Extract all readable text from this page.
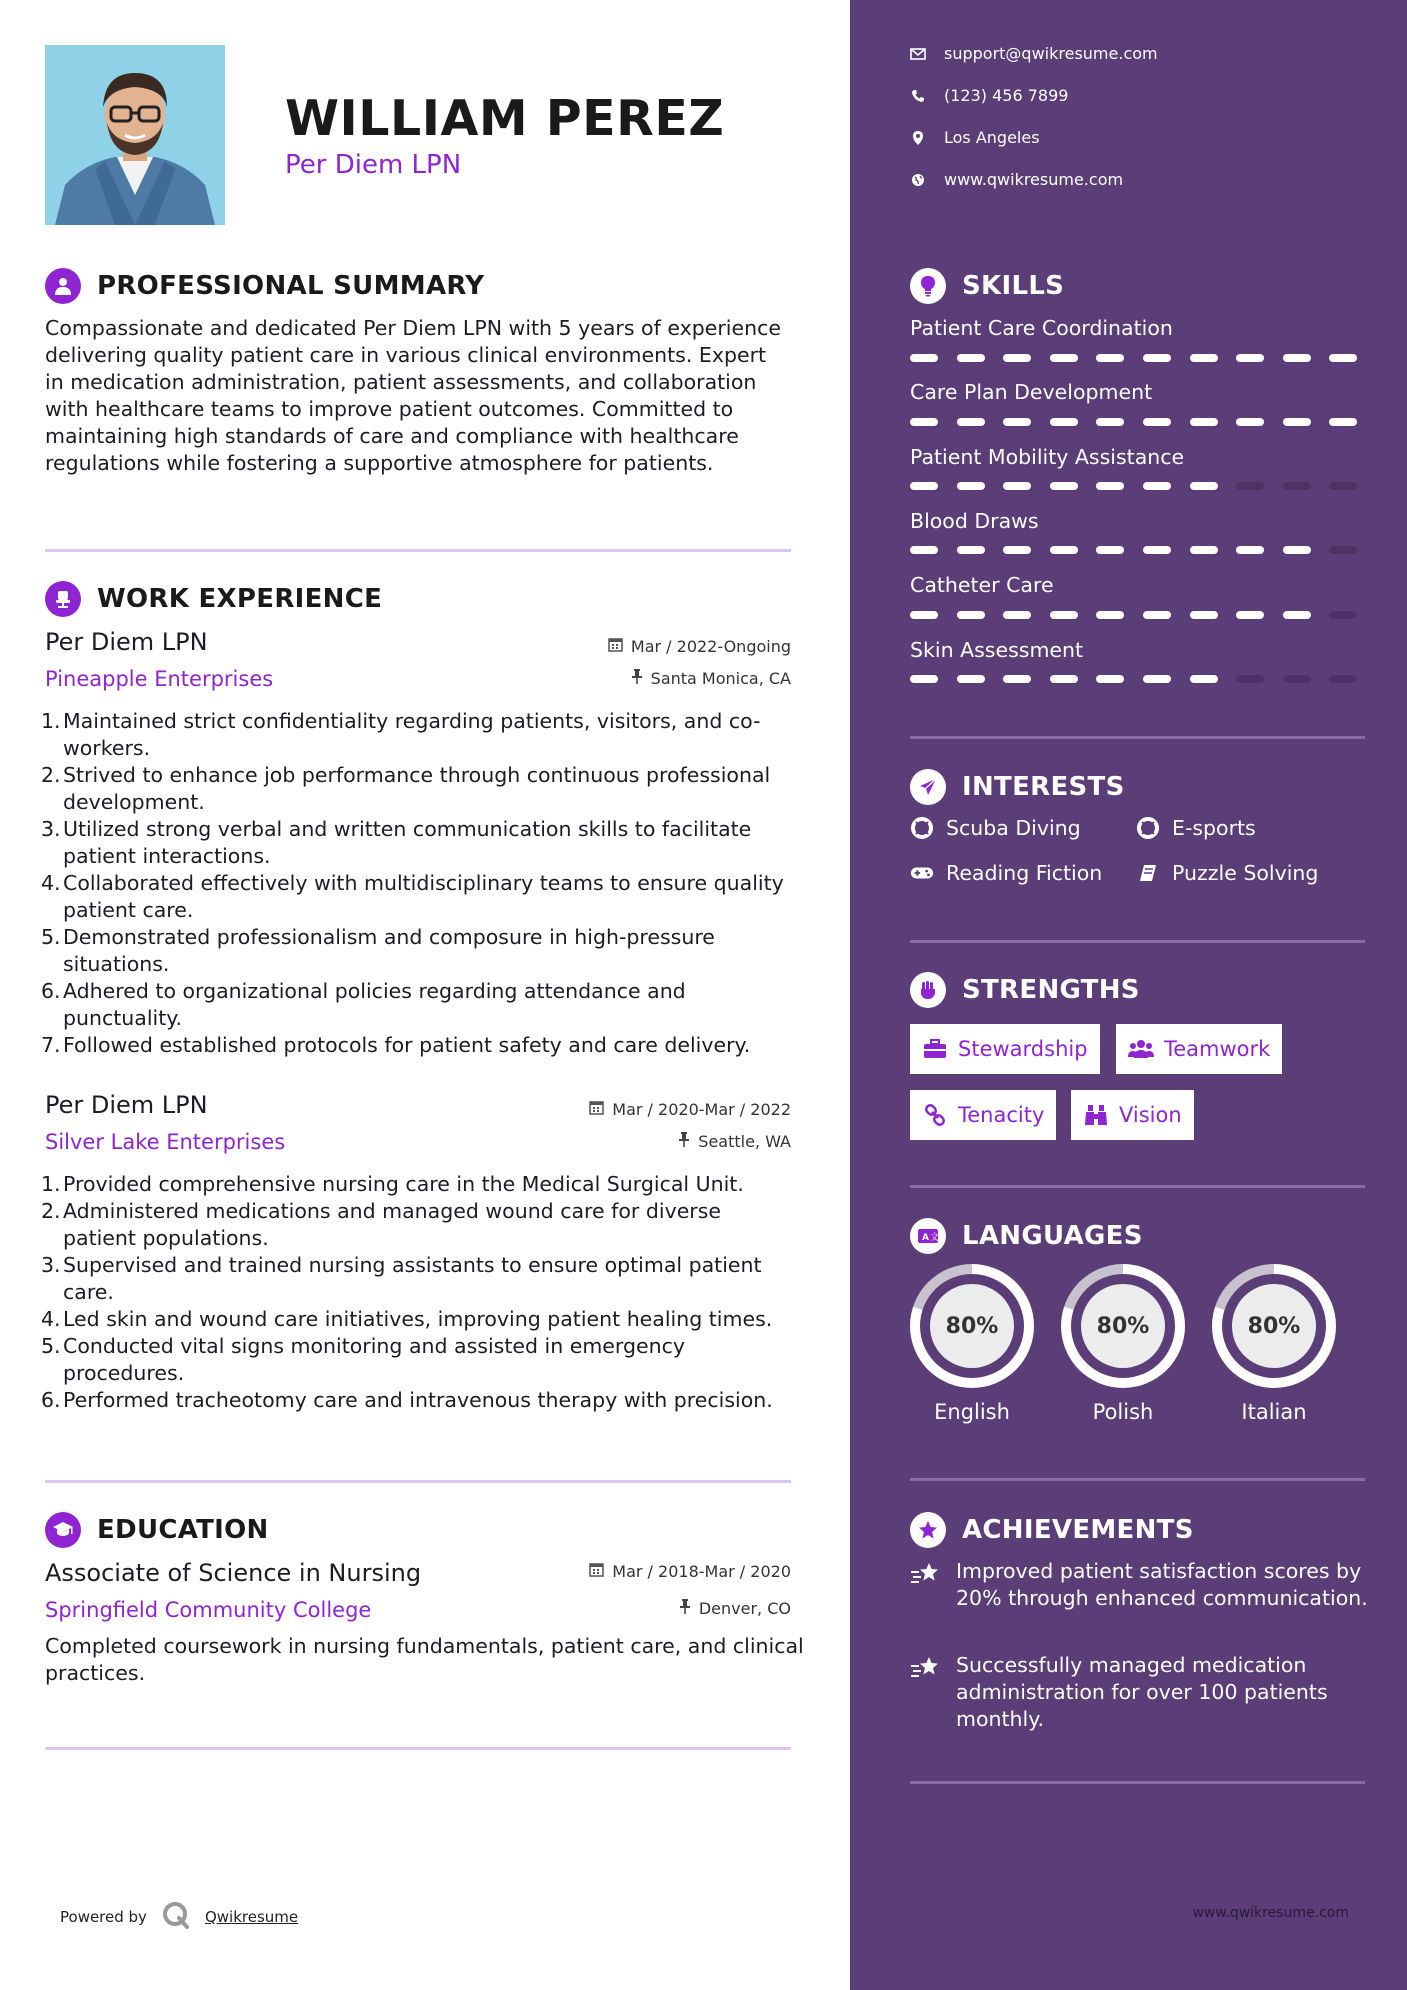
WILLIAM PEREZ
Per Diem LPN
PROFESSIONAL SUMMARY
Compassionate and dedicated Per Diem LPN with 5 years of experience delivering quality patient care in various clinical environments. Expert in medication administration, patient assessments, and collaboration with healthcare teams to improve patient outcomes. Committed to maintaining high standards of care and compliance with healthcare regulations while fostering a supportive atmosphere for patients.
WORK EXPERIENCE
Per Diem LPN
Pineapple Enterprises
Mar / 2022-Ongoing
Santa Monica, CA
1. Maintained strict confidentiality regarding patients, visitors, and co-workers.
2. Strived to enhance job performance through continuous professional development.
3. Utilized strong verbal and written communication skills to facilitate patient interactions.
4. Collaborated effectively with multidisciplinary teams to ensure quality patient care.
5. Demonstrated professionalism and composure in high-pressure situations.
6. Adhered to organizational policies regarding attendance and punctuality.
7. Followed established protocols for patient safety and care delivery.
Per Diem LPN
Silver Lake Enterprises
Mar / 2020-Mar / 2022
Seattle, WA
1. Provided comprehensive nursing care in the Medical Surgical Unit.
2. Administered medications and managed wound care for diverse patient populations.
3. Supervised and trained nursing assistants to ensure optimal patient care.
4. Led skin and wound care initiatives, improving patient healing times.
5. Conducted vital signs monitoring and assisted in emergency procedures.
6. Performed tracheotomy care and intravenous therapy with precision.
EDUCATION
Associate of Science in Nursing
Springfield Community College
Mar / 2018-Mar / 2020
Denver, CO
Completed coursework in nursing fundamentals, patient care, and clinical practices.
Powered by	Qwikresume
support@qwikresume.com
(123) 456 7899
Los Angeles
www.qwikresume.com
SKILLS
Patient Care Coordination
Care Plan Development
Patient Mobility Assistance
Blood Draws
Catheter Care
Skin Assessment
INTERESTS
Scuba Diving	E-sports
Reading Fiction	Puzzle Solving
STRENGTHS
Stewardship	Teamwork
Tenacity	Vision
A 文 LANGUAGES
80%
English
80%
Polish
80%
Italian
ACHIEVEMENTS
Improved patient satisfaction scores by 20% through enhanced communication.
Successfully managed medication administration for over 100 patients monthly.
www.qwikresume.com
